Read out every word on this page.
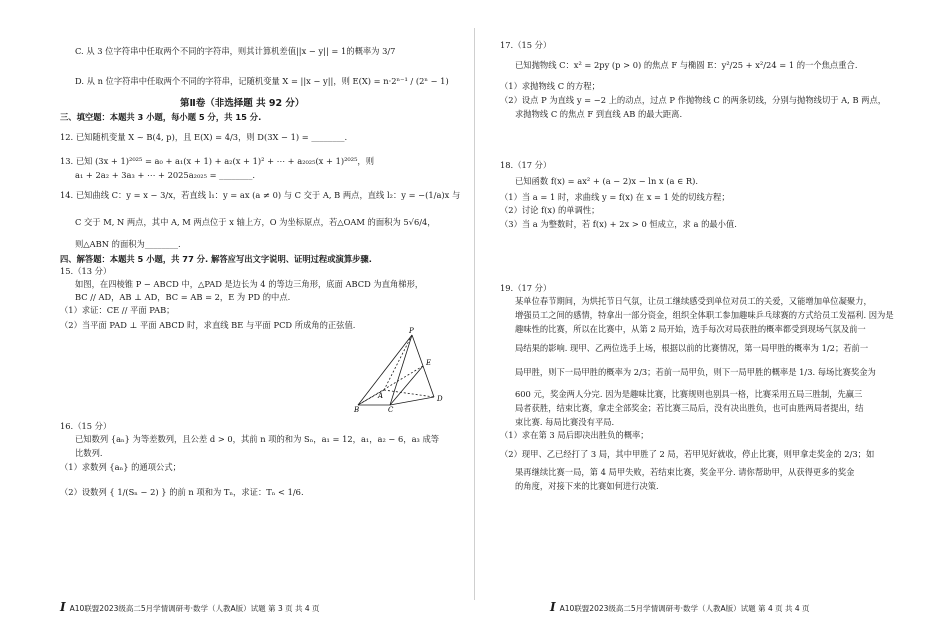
C. 从 3 位字符串中任取两个不同的字符串，则其计算机差值||x − y|| = 1的概率为 3/7
D. 从 n 位字符串中任取两个不同的字符串，记随机变量 X = ||x − y||，则 E(X) = n·2ⁿ⁻¹ / (2ⁿ − 1)
第Ⅱ卷（非选择题 共 92 分）
三、填空题：本题共 3 小题，每小题 5 分，共 15 分.
12. 已知随机变量 X ~ B(4, p)，且 E(X) = 4/3，则 D(3X − 1) = ________.
13. 已知 (3x + 1)²⁰²⁵ = a₀ + a₁(x + 1) + a₂(x + 1)² + ⋯ + a₂₀₂₅(x + 1)²⁰²⁵，则
a₁ + 2a₂ + 3a₃ + ⋯ + 2025a₂₀₂₅ = ________.
14. 已知曲线 C：y = x − 3/x，若直线 l₁：y = ax (a ≠ 0) 与 C 交于 A, B 两点，直线 l₂：y = −(1/a)x 与
C 交于 M, N 两点，其中 A, M 两点位于 x 轴上方，O 为坐标原点，若△OAM 的面积为 5√6/4，
则△ABN 的面积为________.
四、解答题：本题共 5 小题，共 77 分. 解答应写出文字说明、证明过程或演算步骤.
15.（13 分）
如图，在四棱锥 P − ABCD 中，△PAD 是边长为 4 的等边三角形，底面 ABCD 为直角梯形，
BC // AD，AB ⊥ AD，BC = AB = 2，E 为 PD 的中点.
（1）求证：CE // 平面 PAB；
（2）当平面 PAD ⊥ 平面 ABCD 时，求直线 BE 与平面 PCD 所成角的正弦值.
P
E
A	D
B	C
16.（15 分）
已知数列 {aₙ} 为等差数列，且公差 d > 0，其前 n 项的和为 Sₙ，a₁ = 12，a₁，a₂ − 6，a₃ 成等
比数列.
（1）求数列 {aₙ} 的通项公式；
（2）设数列 { 1/(Sₙ − 2) } 的前 n 项和为 Tₙ，求证：Tₙ < 1/6.
𝑰 A10联盟2023级高二5月学情调研考·数学（人教A版）试题 第 3 页 共 4 页
17.（15 分）
已知抛物线 C：x² = 2py (p > 0) 的焦点 F 与椭圆 E：y²/25 + x²/24 = 1 的一个焦点重合.
（1）求抛物线 C 的方程；
（2）设点 P 为直线 y = −2 上的动点，过点 P 作抛物线 C 的两条切线，分别与抛物线切于 A, B 两点，
求抛物线 C 的焦点 F 到直线 AB 的最大距离.
18.（17 分）
已知函数 f(x) = ax² + (a − 2)x − ln x (a ∈ R).
（1）当 a = 1 时，求曲线 y = f(x) 在 x = 1 处的切线方程；
（2）讨论 f(x) 的单调性；
（3）当 a 为整数时，若 f(x) + 2x > 0 恒成立，求 a 的最小值.
19.（17 分）
某单位春节期间，为烘托节日气氛，让员工继续感受到单位对员工的关爱，又能增加单位凝聚力，
增强员工之间的感情，特拿出一部分资金，组织全体职工参加趣味乒乓球赛的方式给员工发福利. 因为是
趣味性的比赛，所以在比赛中，从第 2 局开始，选手每次对局获胜的概率都受到现场气氛及前一
局结果的影响. 现甲、乙两位选手上场，根据以前的比赛情况，第一局甲胜的概率为 1/2；若前一
局甲胜，则下一局甲胜的概率为 2/3；若前一局甲负，则下一局甲胜的概率是 1/3. 每场比赛奖金为
600 元，奖金两人分完. 因为是趣味比赛，比赛规则也别具一格，比赛采用五局三胜制，先赢三
局者获胜，结束比赛，拿走全部奖金；若比赛三局后，没有决出胜负，也可由胜两局者提出，结
束比赛. 每局比赛没有平局.
（1）求在第 3 局后即决出胜负的概率；
（2）现甲、乙已经打了 3 局，其中甲胜了 2 局，若甲见好就收，停止比赛，则甲拿走奖金的 2/3；如
果再继续比赛一局，第 4 局甲失败，若结束比赛，奖金平分. 请你帮助甲，从获得更多的奖金
的角度，对接下来的比赛如何进行决策.
𝑰 A10联盟2023级高二5月学情调研考·数学（人教A版）试题 第 4 页 共 4 页
